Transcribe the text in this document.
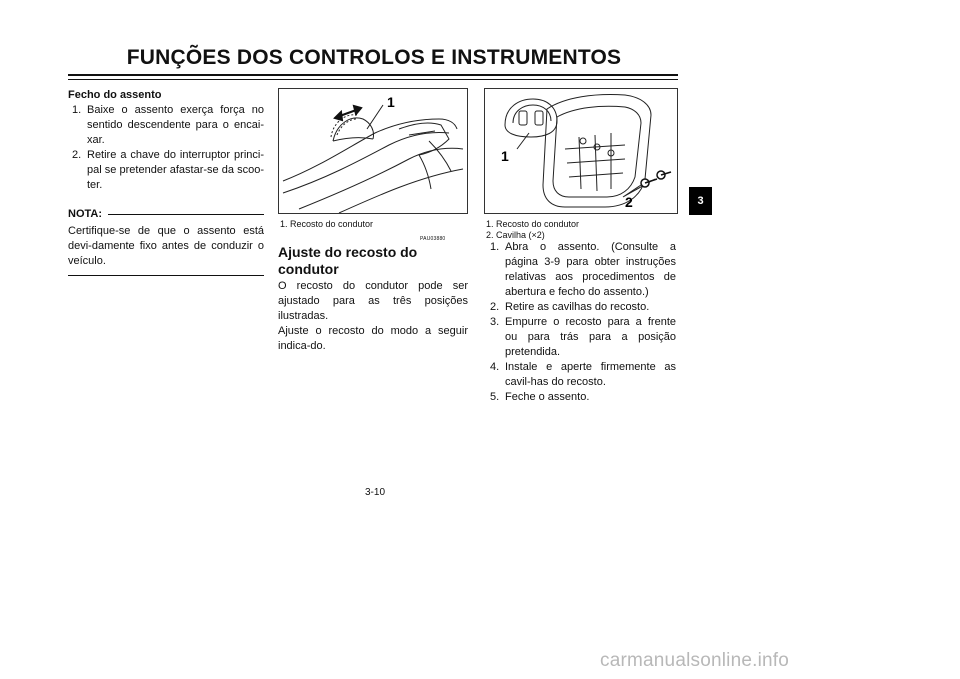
FUNÇÕES DOS CONTROLOS E INSTRUMENTOS
Fecho do assento
1. Baixe o assento exerça força no sentido descendente para o encai-xar.
2. Retire a chave do interruptor princi-pal se pretender afastar-se da scoo-ter.
NOTA:
Certifique-se de que o assento está devi-damente fixo antes de conduzir o veículo.
1
1. Recosto do condutor
1
2
1. Recosto do condutor
2. Cavilha (×2)
PAU03880
Ajuste do recosto do condutor

O recosto do condutor pode ser ajustado para as três posições ilustradas.

Ajuste o recosto do modo a seguir indica-do.

1. Abra o assento. (Consulte a página 3-9 para obter instruções relativas aos procedimentos de abertura e fecho do assento.)
2. Retire as cavilhas do recosto.
3. Empurre o recosto para a frente ou para trás para a posição pretendida.
4. Instale e aperte firmemente as cavil-has do recosto.
5. Feche o assento.
3-10
3
carmanualsonline.info
